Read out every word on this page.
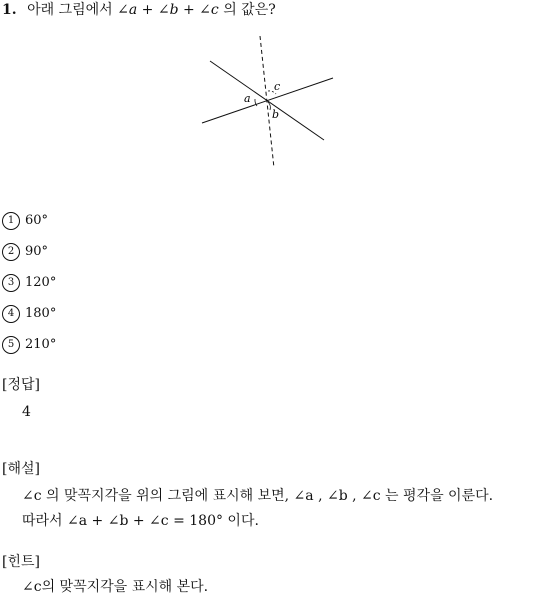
1. 아래 그림에서 ∠a + ∠b + ∠c 의 값은?
a
b
c
1 60°
2 90°
3 120°
4 180°
5 210°
[정답]
4
[해설]
∠c 의 맞꼭지각을 위의 그림에 표시해 보면, ∠a , ∠b , ∠c 는 평각을 이룬다.
따라서 ∠a + ∠b + ∠c = 180° 이다.
[힌트]
∠c의 맞꼭지각을 표시해 본다.
